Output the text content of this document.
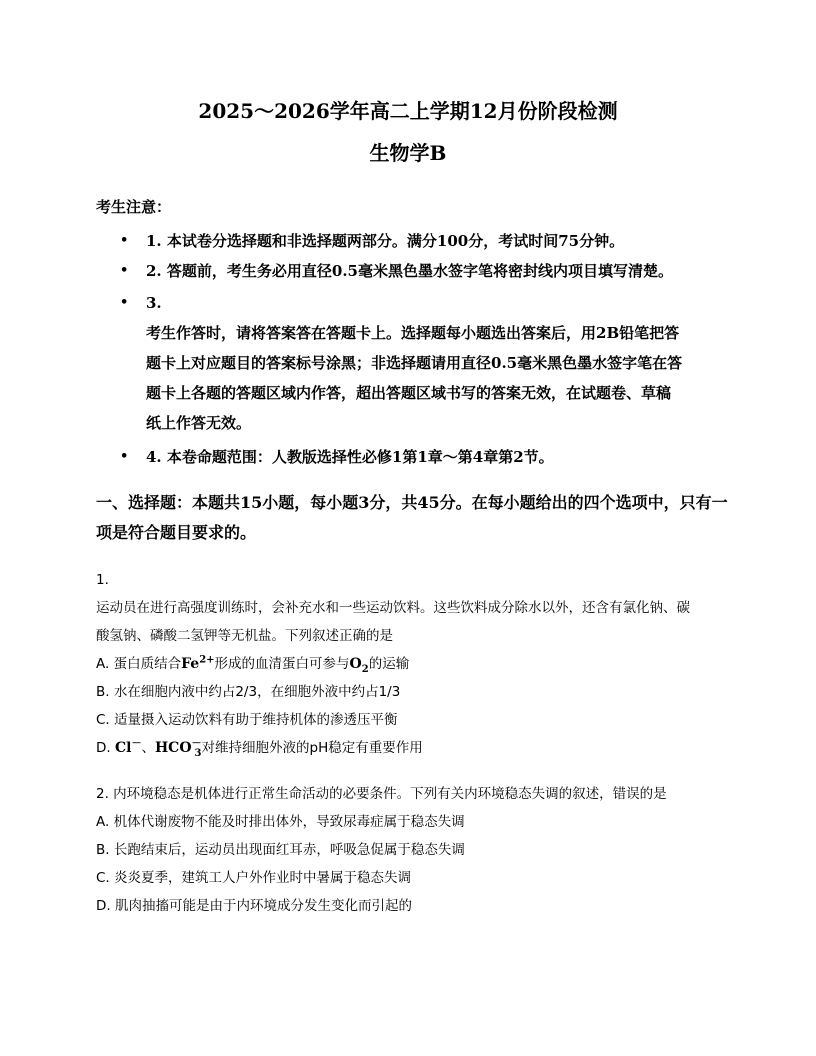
2025～2026学年高二上学期12月份阶段检测
生物学B
考生注意：
•	1. 本试卷分选择题和非选择题两部分。满分100分，考试时间75分钟。
•	2. 答题前，考生务必用直径0.5毫米黑色墨水签字笔将密封线内项目填写清楚。
•	3.
考生作答时，请将答案答在答题卡上。选择题每小题选出答案后，用2B铅笔把答
题卡上对应题目的答案标号涂黑；非选择题请用直径0.5毫米黑色墨水签字笔在答
题卡上各题的答题区域内作答，超出答题区域书写的答案无效，在试题卷、草稿
纸上作答无效。
•	4. 本卷命题范围：人教版选择性必修1第1章～第4章第2节。
一、选择题：本题共15小题，每小题3分，共45分。在每小题给出的四个选项中，只有一
项是符合题目要求的。
1.
运动员在进行高强度训练时，会补充水和一些运动饮料。这些饮料成分除水以外，还含有氯化钠、碳
酸氢钠、磷酸二氢钾等无机盐。下列叙述正确的是
A. 蛋白质结合$Fe^{2+}$形成的血清蛋白可参与$O_2$的运输
B. 水在细胞内液中约占2/3，在细胞外液中约占1/3
C. 适量摄入运动饮料有助于维持机体的渗透压平衡
D. Cl－、$HCO^-_3$对维持细胞外液的pH稳定有重要作用
2. 内环境稳态是机体进行正常生命活动的必要条件。下列有关内环境稳态失调的叙述，错误的是
A. 机体代谢废物不能及时排出体外，导致尿毒症属于稳态失调
B. 长跑结束后，运动员出现面红耳赤，呼吸急促属于稳态失调
C. 炎炎夏季，建筑工人户外作业时中暑属于稳态失调
D. 肌肉抽搐可能是由于内环境成分发生变化而引起的
